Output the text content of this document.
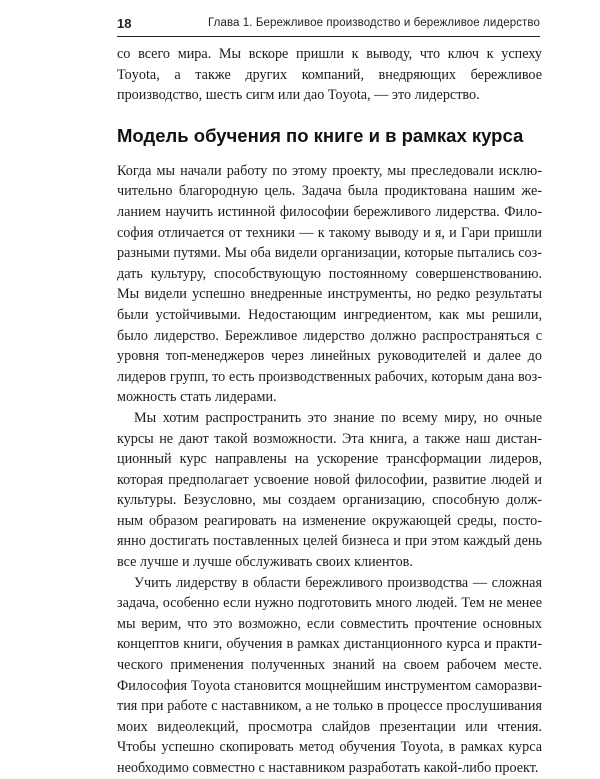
18	Глава 1. Бережливое производство и бережливое лидерство

со всего мира. Мы вскоре пришли к выводу, что ключ к успеху Toyota, а также других компаний, внедряющих бережливое производство, шесть сигм или дао Toyota, — это лидерство.

Модель обучения по книге и в рамках курса

Когда мы начали работу по этому проекту, мы преследовали исключительно благородную цель. Задача была продиктована нашим желанием научить истинной философии бережливого лидерства. Философия отличается от техники — к такому выводу и я, и Гари пришли разными путями. Мы оба видели организации, которые пытались создать культуру, способствующую постоянному совершенствованию. Мы видели успешно внедренные инструменты, но редко результаты были устойчивыми. Недостающим ингредиентом, как мы решили, было лидерство. Бережливое лидерство должно распространяться с уровня топ-менеджеров через линейных руководителей и далее до лидеров групп, то есть производственных рабочих, которым дана возможность стать лидерами.

Мы хотим распространить это знание по всему миру, но очные курсы не дают такой возможности. Эта книга, а также наш дистанционный курс направлены на ускорение трансформации лидеров, которая предполагает усвоение новой философии, развитие людей и культуры. Безусловно, мы создаем организацию, способную должным образом реагировать на изменение окружающей среды, постоянно достигать поставленных целей бизнеса и при этом каждый день все лучше и лучше обслуживать своих клиентов.

Учить лидерству в области бережливого производства — сложная задача, особенно если нужно подготовить много людей. Тем не менее мы верим, что это возможно, если совместить прочтение основных концептов книги, обучения в рамках дистанционного курса и практического применения полученных знаний на своем рабочем месте. Философия Toyota становится мощнейшим инструментом саморазвития при работе с наставником, а не только в процессе прослушивания моих видеолекций, просмотра слайдов презентации или чтения. Чтобы успешно скопировать метод обучения Toyota, в рамках курса необходимо совместно с наставником разработать какой-либо проект.
